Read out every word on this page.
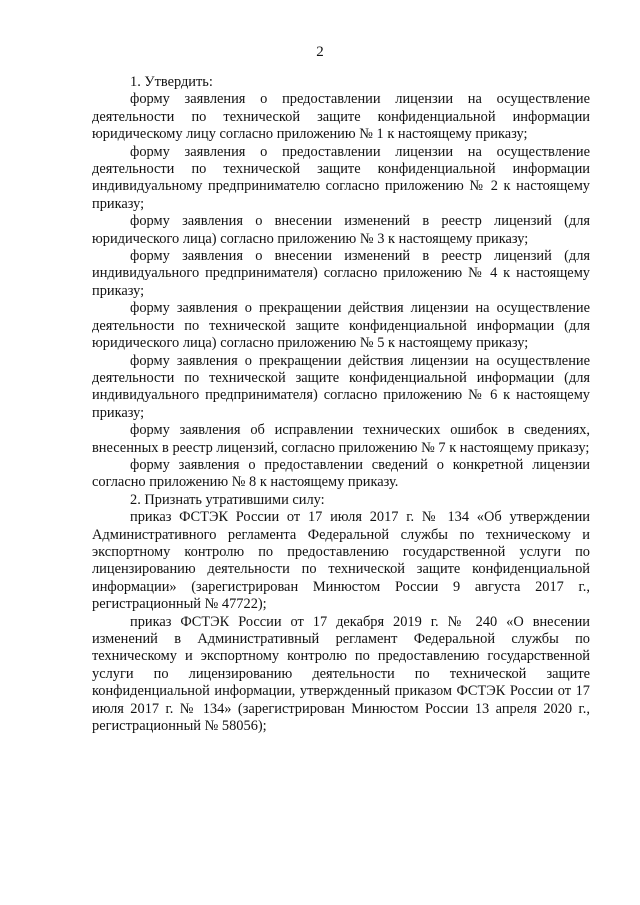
2

1. Утвердить:

форму заявления о предоставлении лицензии на осуществление деятельности по технической защите конфиденциальной информации юридическому лицу согласно приложению № 1 к настоящему приказу;

форму заявления о предоставлении лицензии на осуществление деятельности по технической защите конфиденциальной информации индивидуальному предпринимателю согласно приложению № 2 к настоящему приказу;

форму заявления о внесении изменений в реестр лицензий (для юридического лица) согласно приложению № 3 к настоящему приказу;

форму заявления о внесении изменений в реестр лицензий (для индивидуального предпринимателя) согласно приложению № 4 к настоящему приказу;

форму заявления о прекращении действия лицензии на осуществление деятельности по технической защите конфиденциальной информации (для юридического лица) согласно приложению № 5 к настоящему приказу;

форму заявления о прекращении действия лицензии на осуществление деятельности по технической защите конфиденциальной информации (для индивидуального предпринимателя) согласно приложению № 6 к настоящему приказу;

форму заявления об исправлении технических ошибок в сведениях, внесенных в реестр лицензий, согласно приложению № 7 к настоящему приказу;

форму заявления о предоставлении сведений о конкретной лицензии согласно приложению № 8 к настоящему приказу.

2. Признать утратившими силу:

приказ ФСТЭК России от 17 июля 2017 г. № 134 «Об утверждении Административного регламента Федеральной службы по техническому и экспортному контролю по предоставлению государственной услуги по лицензированию деятельности по технической защите конфиденциальной информации» (зарегистрирован Минюстом России 9 августа 2017 г., регистрационный № 47722);

приказ ФСТЭК России от 17 декабря 2019 г. № 240 «О внесении изменений в Административный регламент Федеральной службы по техническому и экспортному контролю по предоставлению государственной услуги по лицензированию деятельности по технической защите конфиденциальной информации, утвержденный приказом ФСТЭК России от 17 июля 2017 г. № 134» (зарегистрирован Минюстом России 13 апреля 2020 г., регистрационный № 58056);
